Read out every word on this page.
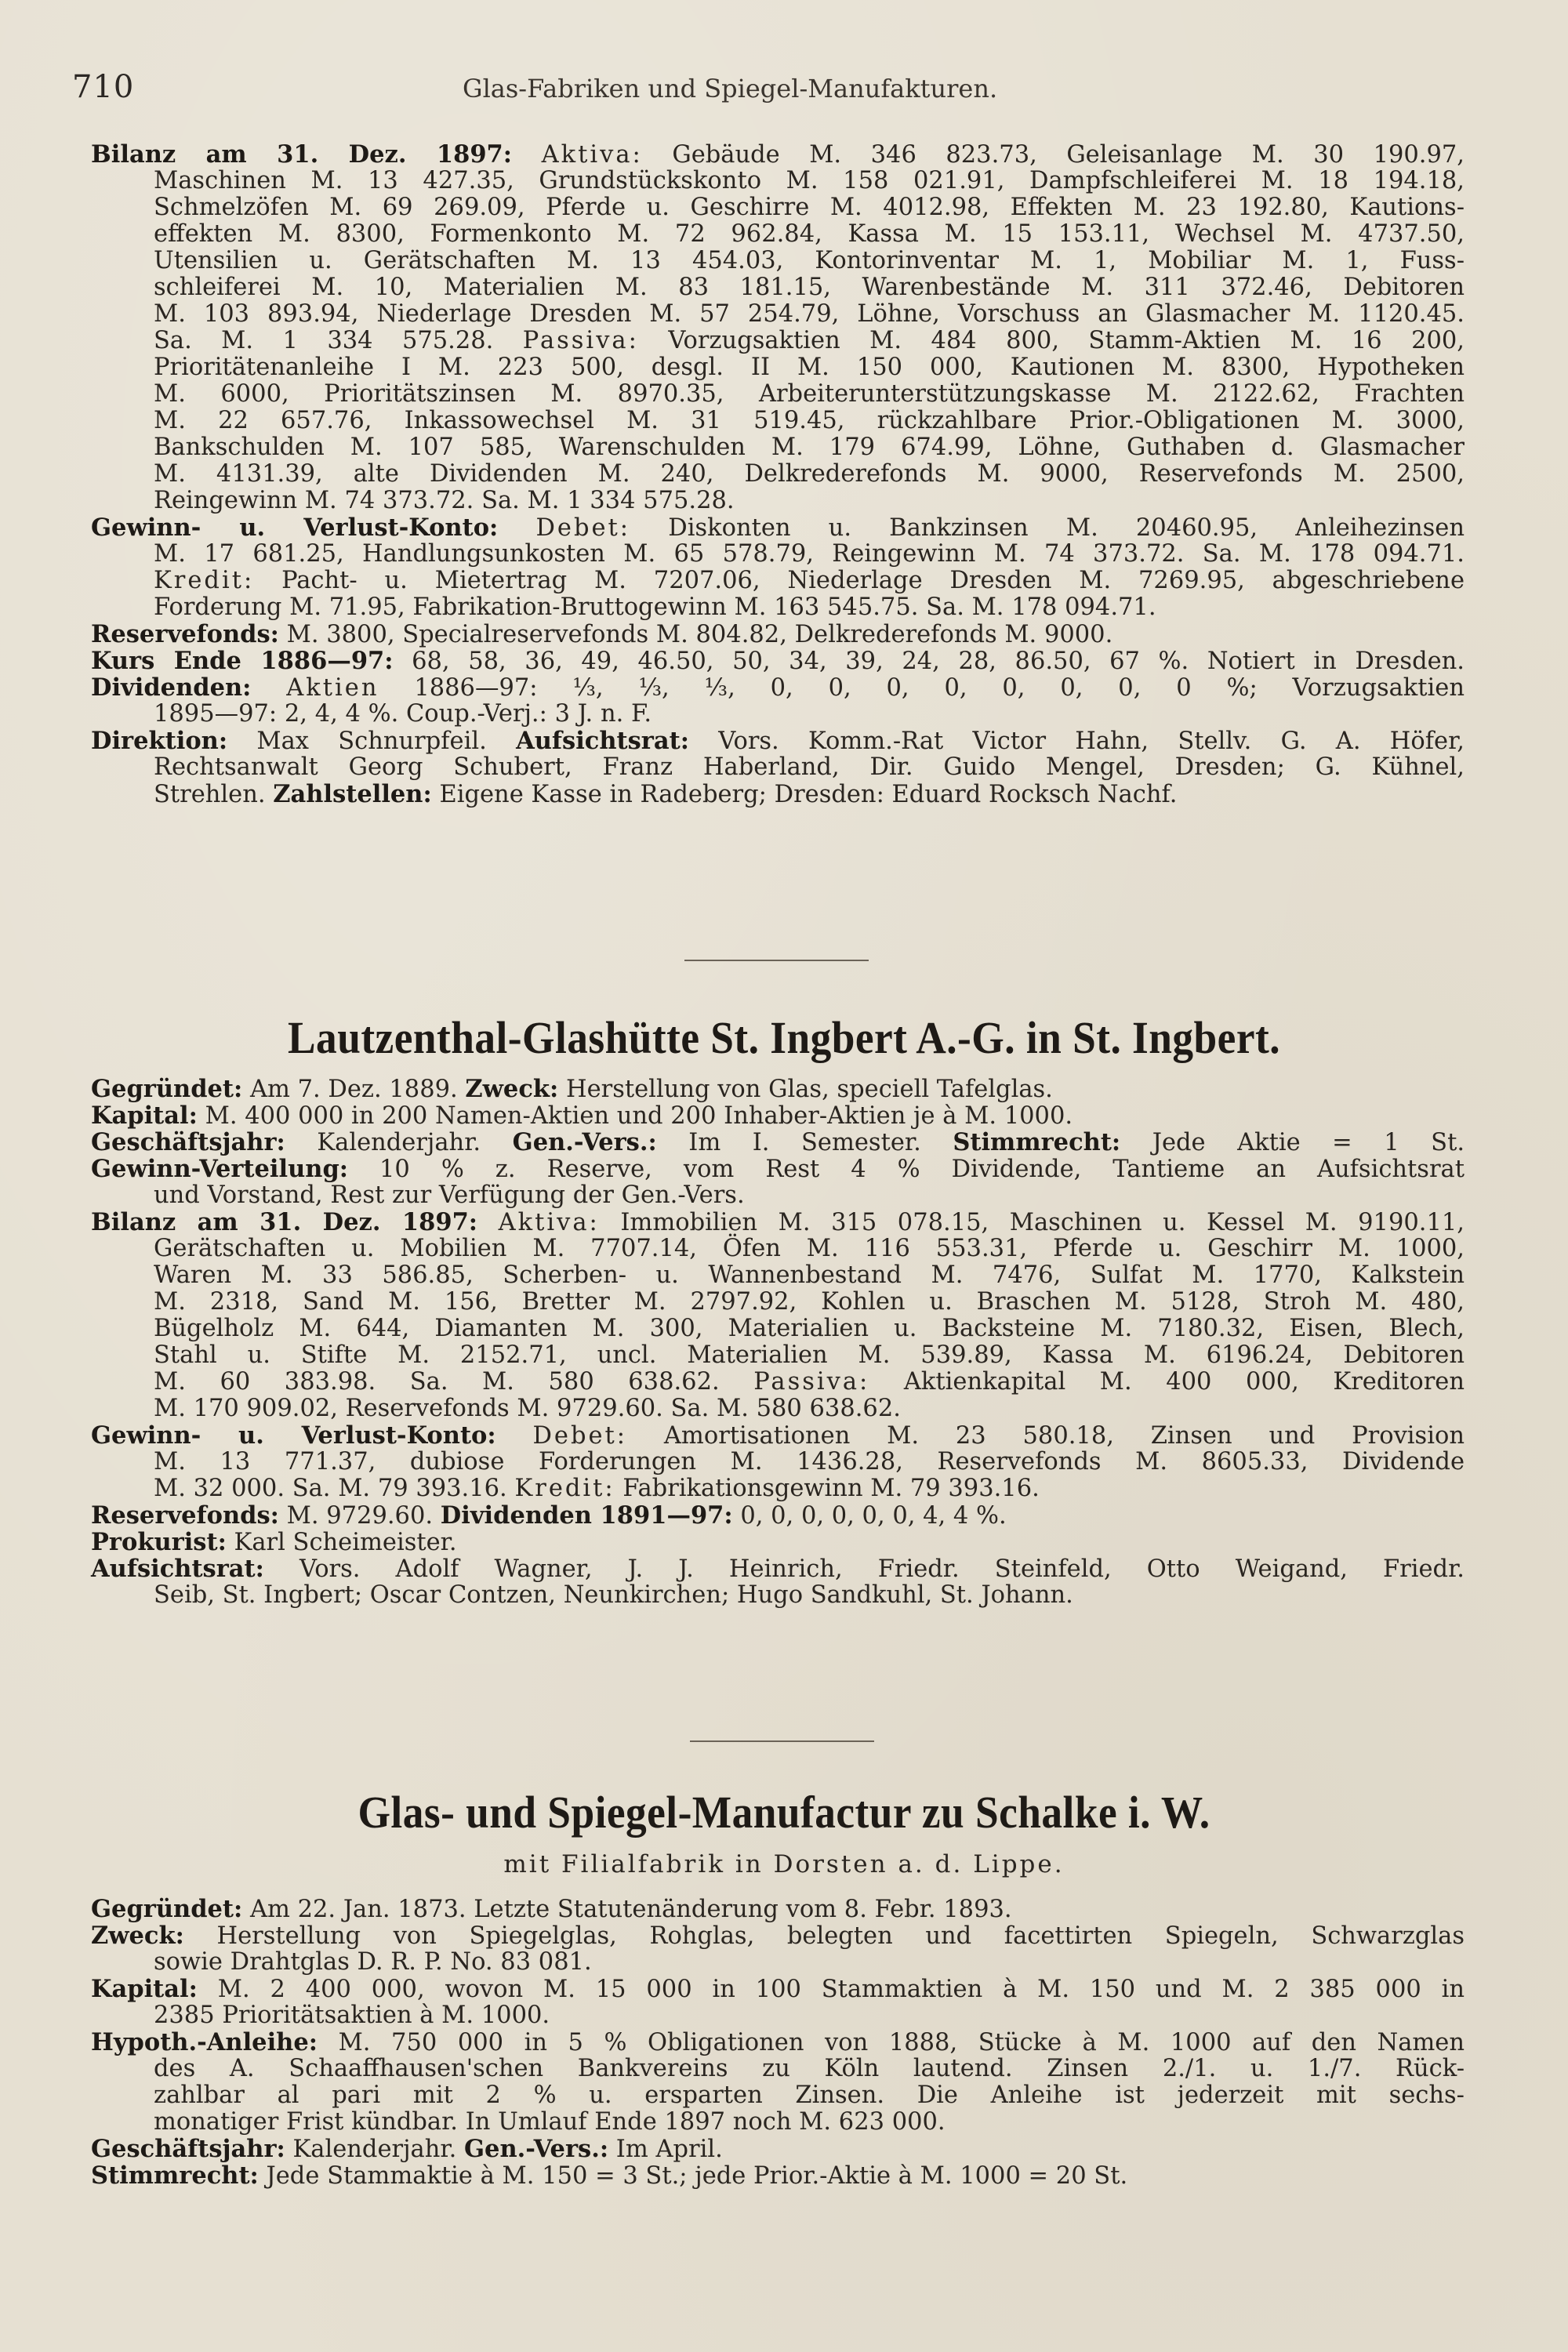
710	Glas-Fabriken und Spiegel-Manufakturen.
Bilanz am 31. Dez. 1897: Aktiva: Gebäude M. 346 823.73, Geleisanlage M. 30 190.97,
Maschinen M. 13 427.35, Grundstückskonto M. 158 021.91, Dampfschleiferei M. 18 194.18,
Schmelzöfen M. 69 269.09, Pferde u. Geschirre M. 4012.98, Effekten M. 23 192.80, Kautions-
effekten M. 8300, Formenkonto M. 72 962.84, Kassa M. 15 153.11, Wechsel M. 4737.50,
Utensilien u. Gerätschaften M. 13 454.03, Kontorinventar M. 1, Mobiliar M. 1, Fuss-
schleiferei M. 10, Materialien M. 83 181.15, Warenbestände M. 311 372.46, Debitoren
M. 103 893.94, Niederlage Dresden M. 57 254.79, Löhne, Vorschuss an Glasmacher M. 1120.45.
Sa. M. 1 334 575.28. Passiva: Vorzugsaktien M. 484 800, Stamm-Aktien M. 16 200,
Prioritätenanleihe I M. 223 500, desgl. II M. 150 000, Kautionen M. 8300, Hypotheken
M. 6000, Prioritätszinsen M. 8970.35, Arbeiterunterstützungskasse M. 2122.62, Frachten
M. 22 657.76, Inkassowechsel M. 31 519.45, rückzahlbare Prior.-Obligationen M. 3000,
Bankschulden M. 107 585, Warenschulden M. 179 674.99, Löhne, Guthaben d. Glasmacher
M. 4131.39, alte Dividenden M. 240, Delkrederefonds M. 9000, Reservefonds M. 2500,
Reingewinn M. 74 373.72. Sa. M. 1 334 575.28.
Gewinn- u. Verlust-Konto: Debet: Diskonten u. Bankzinsen M. 20460.95, Anleihezinsen
M. 17 681.25, Handlungsunkosten M. 65 578.79, Reingewinn M. 74 373.72. Sa. M. 178 094.71.
Kredit: Pacht- u. Mietertrag M. 7207.06, Niederlage Dresden M. 7269.95, abgeschriebene
Forderung M. 71.95, Fabrikation-Bruttogewinn M. 163 545.75. Sa. M. 178 094.71.
Reservefonds: M. 3800, Specialreservefonds M. 804.82, Delkrederefonds M. 9000.
Kurs Ende 1886—97: 68, 58, 36, 49, 46.50, 50, 34, 39, 24, 28, 86.50, 67 %. Notiert in Dresden.
Dividenden: Aktien 1886—97: ⅓, ⅓, ⅓, 0, 0, 0, 0, 0, 0, 0, 0 %; Vorzugsaktien
1895—97: 2, 4, 4 %. Coup.-Verj.: 3 J. n. F.
Direktion: Max Schnurpfeil. Aufsichtsrat: Vors. Komm.-Rat Victor Hahn, Stellv. G. A. Höfer,
Rechtsanwalt Georg Schubert, Franz Haberland, Dir. Guido Mengel, Dresden; G. Kühnel,
Strehlen. Zahlstellen: Eigene Kasse in Radeberg; Dresden: Eduard Rocksch Nachf.
Lautzenthal-Glashütte St. Ingbert A.-G. in St. Ingbert.
Gegründet: Am 7. Dez. 1889. Zweck: Herstellung von Glas, speciell Tafelglas.
Kapital: M. 400 000 in 200 Namen-Aktien und 200 Inhaber-Aktien je à M. 1000.
Geschäftsjahr: Kalenderjahr. Gen.-Vers.: Im I. Semester. Stimmrecht: Jede Aktie = 1 St.
Gewinn-Verteilung: 10 % z. Reserve, vom Rest 4 % Dividende, Tantieme an Aufsichtsrat
und Vorstand, Rest zur Verfügung der Gen.-Vers.
Bilanz am 31. Dez. 1897: Aktiva: Immobilien M. 315 078.15, Maschinen u. Kessel M. 9190.11,
Gerätschaften u. Mobilien M. 7707.14, Öfen M. 116 553.31, Pferde u. Geschirr M. 1000,
Waren M. 33 586.85, Scherben- u. Wannenbestand M. 7476, Sulfat M. 1770, Kalkstein
M. 2318, Sand M. 156, Bretter M. 2797.92, Kohlen u. Braschen M. 5128, Stroh M. 480,
Bügelholz M. 644, Diamanten M. 300, Materialien u. Backsteine M. 7180.32, Eisen, Blech,
Stahl u. Stifte M. 2152.71, uncl. Materialien M. 539.89, Kassa M. 6196.24, Debitoren
M. 60 383.98. Sa. M. 580 638.62. Passiva: Aktienkapital M. 400 000, Kreditoren
M. 170 909.02, Reservefonds M. 9729.60. Sa. M. 580 638.62.
Gewinn- u. Verlust-Konto: Debet: Amortisationen M. 23 580.18, Zinsen und Provision
M. 13 771.37, dubiose Forderungen M. 1436.28, Reservefonds M. 8605.33, Dividende
M. 32 000. Sa. M. 79 393.16. Kredit: Fabrikationsgewinn M. 79 393.16.
Reservefonds: M. 9729.60. Dividenden 1891—97: 0, 0, 0, 0, 0, 0, 4, 4 %.
Prokurist: Karl Scheimeister.
Aufsichtsrat: Vors. Adolf Wagner, J. J. Heinrich, Friedr. Steinfeld, Otto Weigand, Friedr.
Seib, St. Ingbert; Oscar Contzen, Neunkirchen; Hugo Sandkuhl, St. Johann.
Glas- und Spiegel-Manufactur zu Schalke i. W.
mit Filialfabrik in Dorsten a. d. Lippe.
Gegründet: Am 22. Jan. 1873. Letzte Statutenänderung vom 8. Febr. 1893.
Zweck: Herstellung von Spiegelglas, Rohglas, belegten und facettirten Spiegeln, Schwarzglas
sowie Drahtglas D. R. P. No. 83 081.
Kapital: M. 2 400 000, wovon M. 15 000 in 100 Stammaktien à M. 150 und M. 2 385 000 in
2385 Prioritätsaktien à M. 1000.
Hypoth.-Anleihe: M. 750 000 in 5 % Obligationen von 1888, Stücke à M. 1000 auf den Namen
des A. Schaaffhausen'schen Bankvereins zu Köln lautend. Zinsen 2./1. u. 1./7. Rück-
zahlbar al pari mit 2 % u. ersparten Zinsen. Die Anleihe ist jederzeit mit sechs-
monatiger Frist kündbar. In Umlauf Ende 1897 noch M. 623 000.
Geschäftsjahr: Kalenderjahr. Gen.-Vers.: Im April.
Stimmrecht: Jede Stammaktie à M. 150 = 3 St.; jede Prior.-Aktie à M. 1000 = 20 St.
